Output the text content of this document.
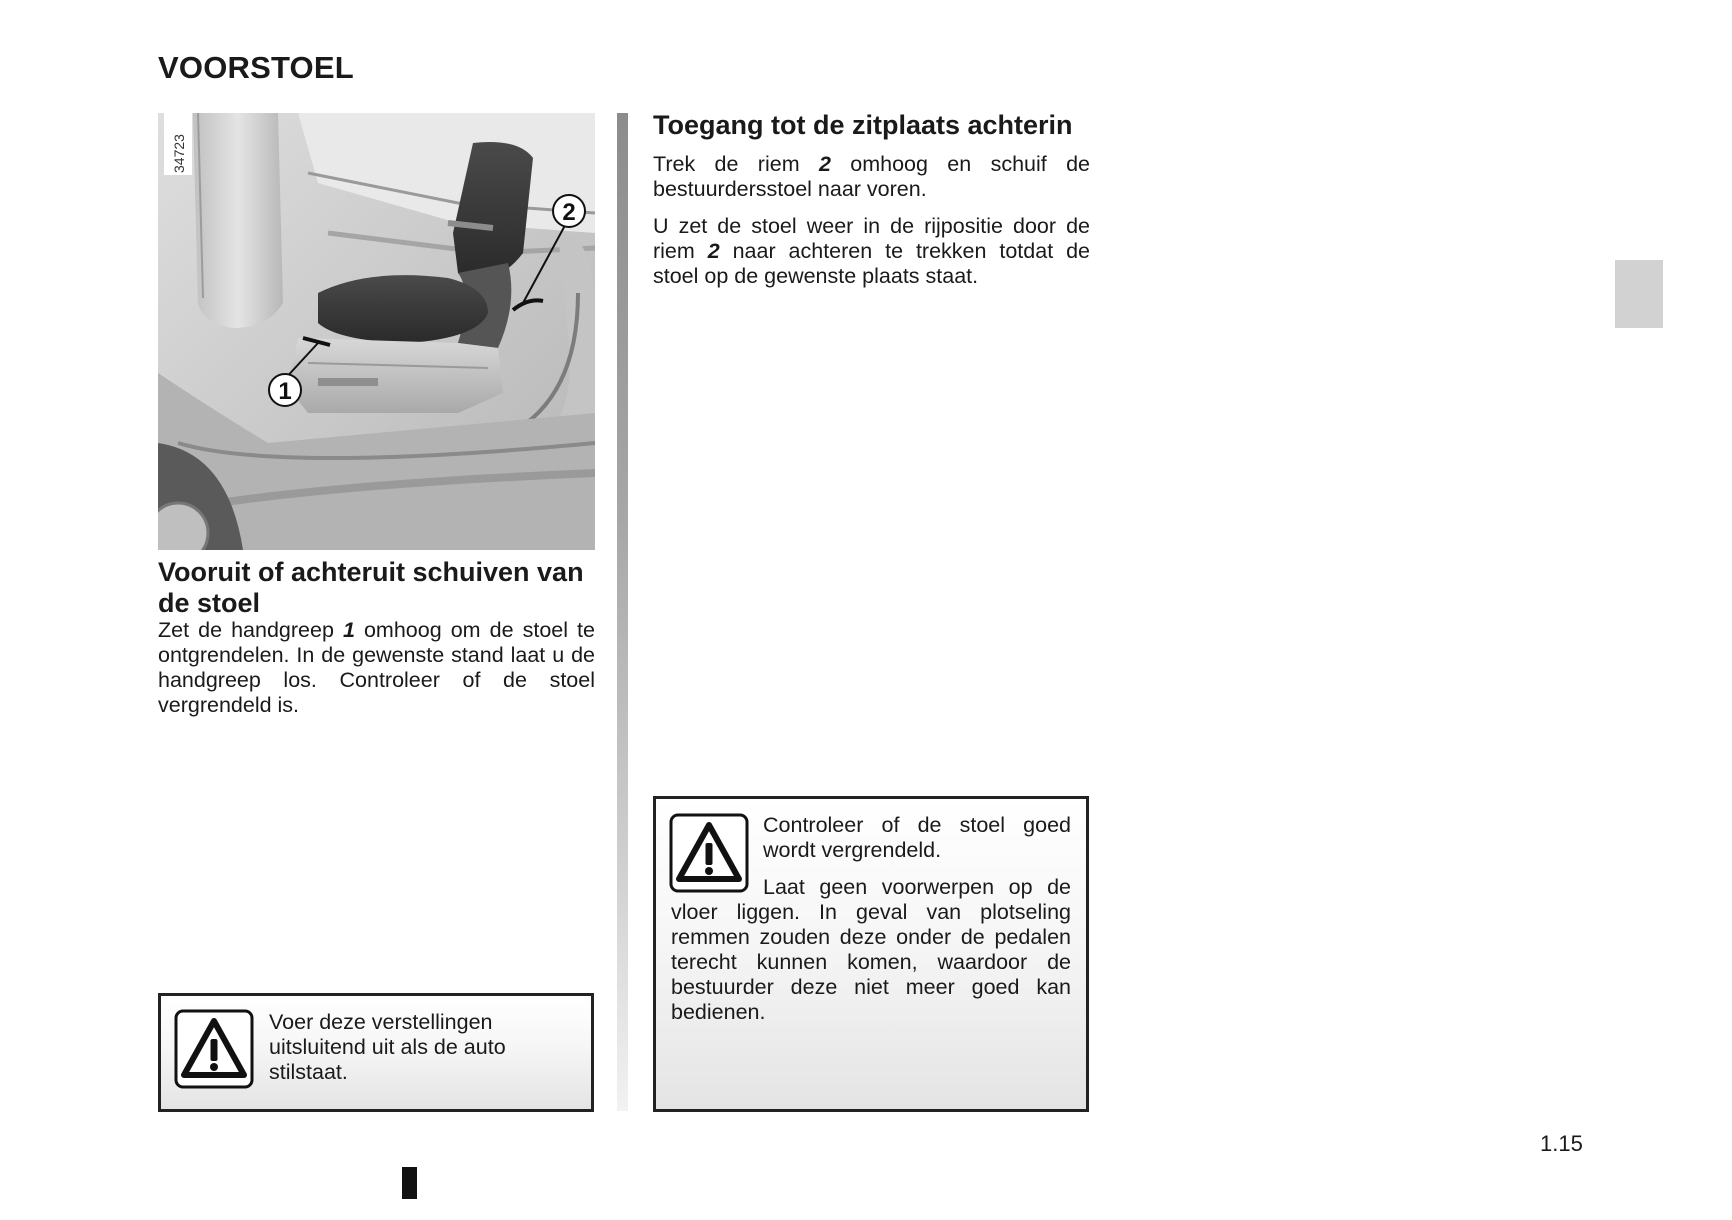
VOORSTOEL
1
2
34723
Vooruit of achteruit schuiven van de stoel

Zet de handgreep 1 omhoog om de stoel te ontgrendelen. In de gewenste stand laat u de handgreep los. Controleer of de stoel vergrendeld is.

Voer deze verstellingen uitsluitend uit als de auto stilstaat.
Toegang tot de zitplaats achterin

Trek de riem 2 omhoog en schuif de bestuurdersstoel naar voren.

U zet de stoel weer in de rijpositie door de riem 2 naar achteren te trekken totdat de stoel op de gewenste plaats staat.

Controleer of de stoel goed wordt vergrendeld.

Laat geen voorwerpen op de vloer liggen. In geval van plotseling remmen zouden deze onder de pedalen terecht kunnen komen, waardoor de bestuurder deze niet meer goed kan bedienen.

1.15
